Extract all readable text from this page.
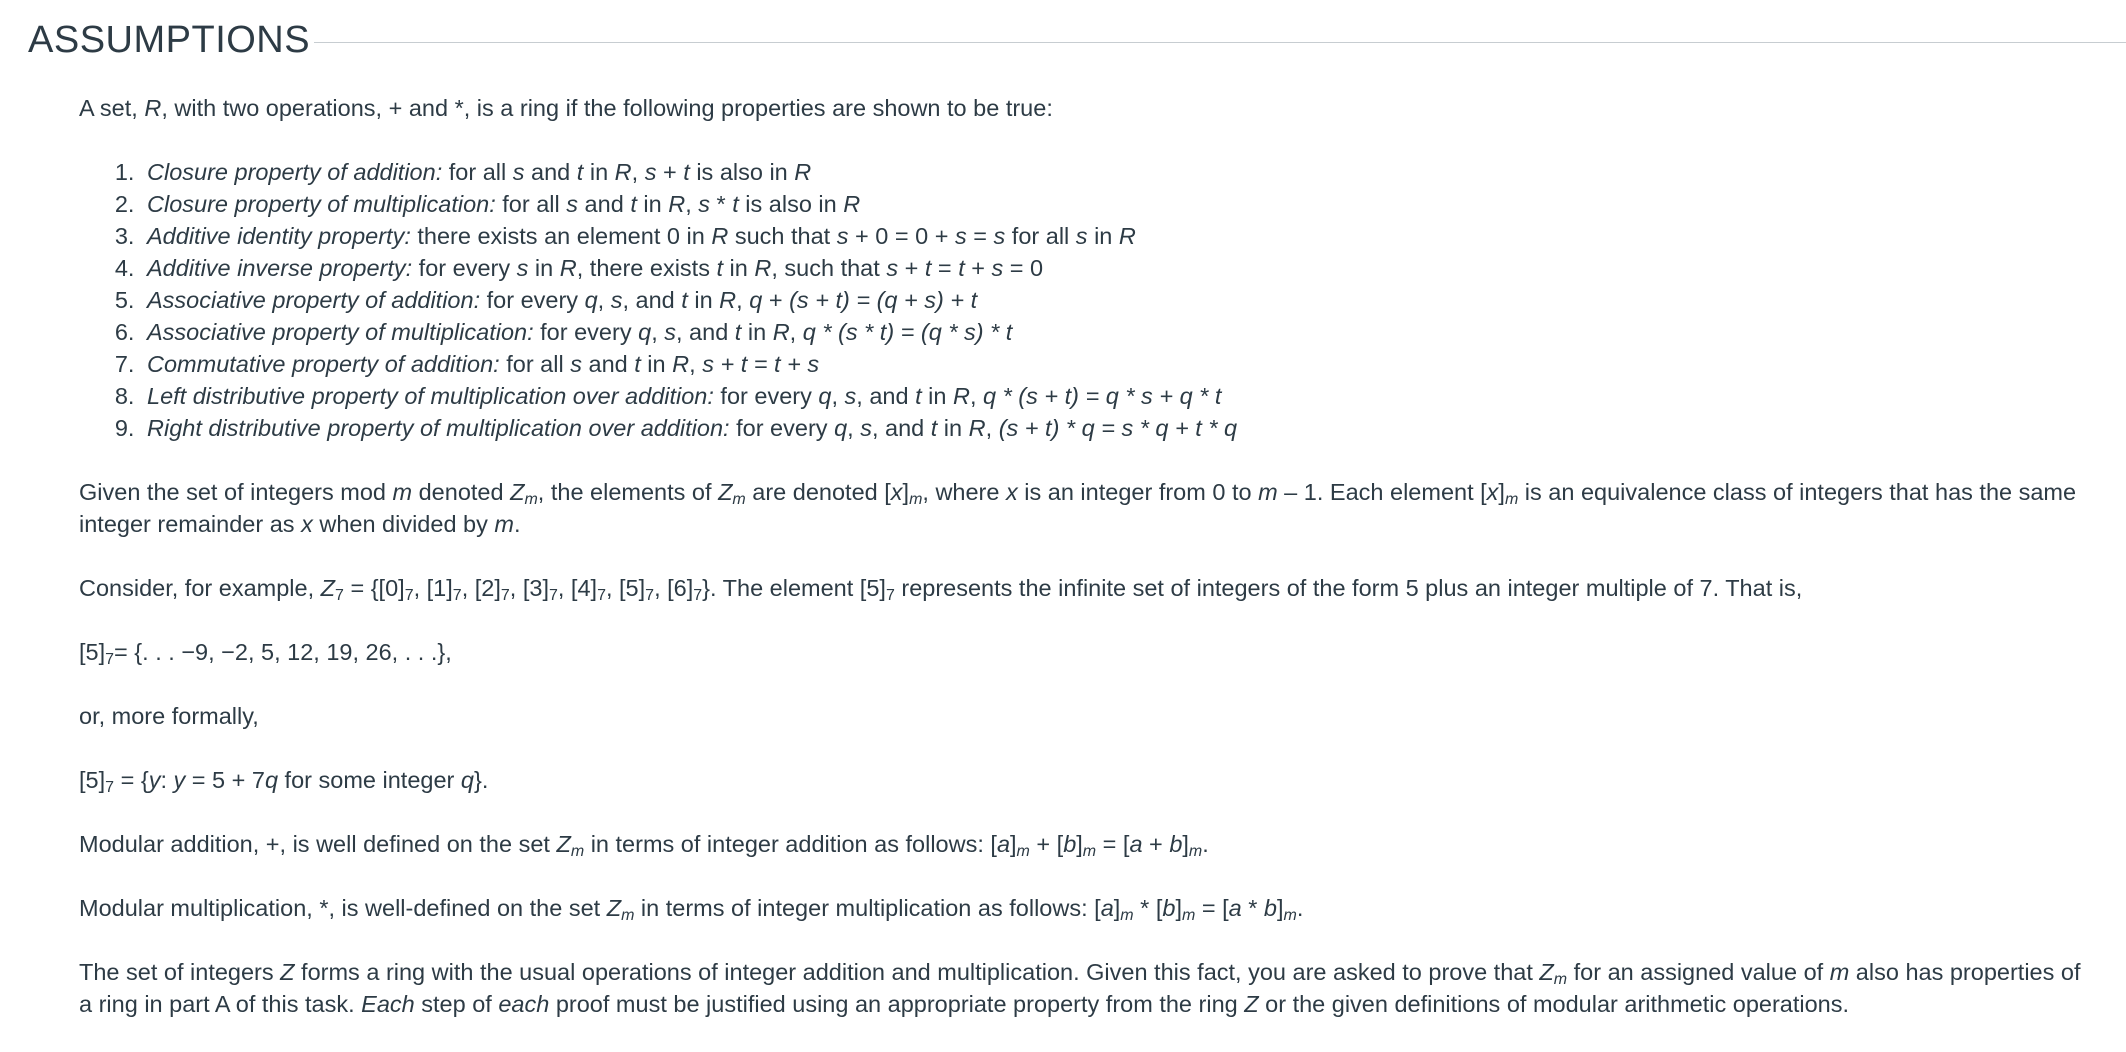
ASSUMPTIONS

A set, R, with two operations, + and *, is a ring if the following properties are shown to be true:

1. Closure property of addition: for all s and t in R, s + t is also in R
2. Closure property of multiplication: for all s and t in R, s * t is also in R
3. Additive identity property: there exists an element 0 in R such that s + 0 = 0 + s = s for all s in R
4. Additive inverse property: for every s in R, there exists t in R, such that s + t = t + s = 0
5. Associative property of addition: for every q, s, and t in R, q + (s + t) = (q + s) + t
6. Associative property of multiplication: for every q, s, and t in R, q * (s * t) = (q * s) * t
7. Commutative property of addition: for all s and t in R, s + t = t + s
8. Left distributive property of multiplication over addition: for every q, s, and t in R, q * (s + t) = q * s + q * t
9. Right distributive property of multiplication over addition: for every q, s, and t in R, (s + t) * q = s * q + t * q

Given the set of integers mod m denoted $Z_m$, the elements of $Z_m$ are denoted $[x]_m$, where x is an integer from 0 to m – 1. Each element $[x]_m$ is an equivalence class of integers that has the same integer remainder as x when divided by m.

Consider, for example, $Z_7 = \{[0]_7$, $[1]_7$, $[2]_7$, $[3]_7$, $[4]_7$, $[5]_7$, $[6]_7$}. The element $[5]_7$ represents the infinite set of integers of the form 5 plus an integer multiple of 7. That is,

$[5]_7=$ {. . . −9, −2, 5, 12, 19, 26, . . .},

or, more formally,

$[5]_7 = \{y$: y = 5 + 7q for some integer q}.

Modular addition, +, is well defined on the set $Z_m$ in terms of integer addition as follows: $[a]_m + [b]_m = [a + b]_m$.

Modular multiplication, *, is well-defined on the set $Z_m$ in terms of integer multiplication as follows: $[a]_m * [b]_m = [a * b]_m$.

The set of integers Z forms a ring with the usual operations of integer addition and multiplication. Given this fact, you are asked to prove that $Z_m$ for an assigned value of m also has properties of a ring in part A of this task. Each step of each proof must be justified using an appropriate property from the ring Z or the given definitions of modular arithmetic operations.
